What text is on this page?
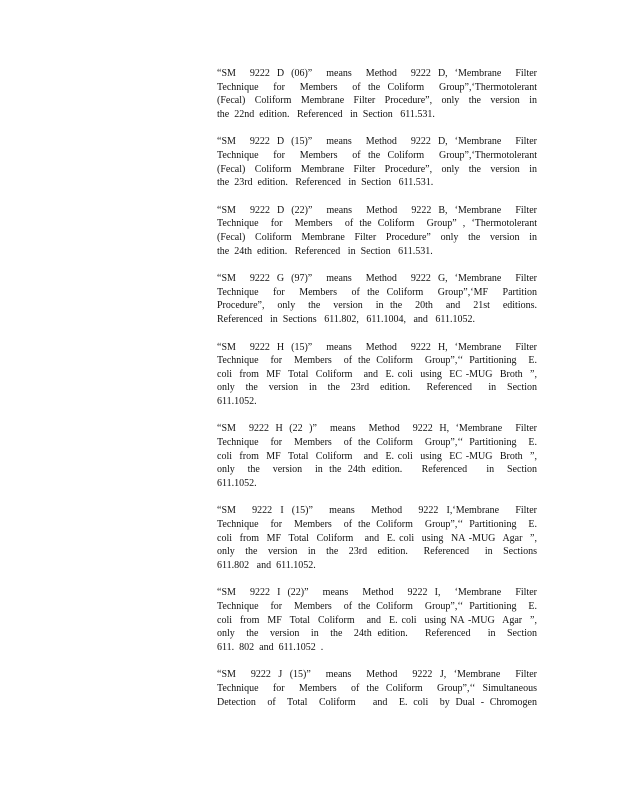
“SM  9222 D (06)”  means  Method  9222 D, ‘Membrane  Filter
Technique  for  Members  of the Coliform  Group”,‘Thermotolerant
(Fecal)  Coliform  Membrane  Filter  Procedure”,  only  the  version  in
the  22nd  edition.   Referenced   in  Section   611.531.
“SM  9222 D (15)”  means  Method  9222 D, ‘Membrane  Filter
Technique  for  Members  of the Coliform  Group”,‘Thermotolerant
(Fecal)  Coliform  Membrane  Filter  Procedure”,  only  the  version  in
the  23rd  edition.   Referenced   in  Section   611.531.
“SM  9222 D (22)”  means  Method  9222 B, ‘Membrane  Filter
Technique  for  Members  of the Coliform  Group” , ‘Thermotolerant
(Fecal)  Coliform  Membrane  Filter  Procedure”  only  the  version  in
the  24th  edition.   Referenced   in  Section   611.531.
“SM  9222 G (97)”  means  Method  9222 G, ‘Membrane  Filter
Technique  for  Members  of the Coliform  Group”,‘MF  Partition
Procedure”,  only  the  version  in the  20th  and  21st  editions.
Referenced   in  Sections   611.802,   611.1004,   and   611.1052.
“SM  9222 H (15)”  means  Method  9222 H, ‘Membrane  Filter
Technique  for  Members  of the Coliform  Group”,‘‘ Partitioning  E.
coli  from  MF  Total  Coliform   and  E. coli  using  EC -MUG  Broth  ”,
only  the  version  in  the  23rd  edition.   Referenced   in  Section
611.1052.
“SM  9222 H (22 )”  means  Method  9222 H, ‘Membrane  Filter
Technique  for  Members  of the Coliform  Group”,‘‘ Partitioning  E.
coli  from  MF  Total  Coliform   and  E. coli  using  EC -MUG  Broth  ”,
only  the  version  in the 24th edition.   Referenced   in  Section
611.1052.
“SM  9222 I (15)”  means  Method  9222 I,‘Membrane  Filter
Technique  for  Members  of the Coliform  Group”,‘‘ Partitioning  E.
coli  from  MF  Total  Coliform   and  E. coli  using  NA -MUG  Agar  ”,
only  the  version  in  the  23rd  edition.   Referenced   in  Sections
611.802   and  611.1052.
“SM  9222 I (22)”  means  Method  9222 I,  ‘Membrane  Filter
Technique  for  Members  of the Coliform  Group”,‘‘ Partitioning  E.
coli  from  MF  Total  Coliform   and  E. coli  using NA -MUG  Agar  ”,
only  the  version  in  the  24th edition.   Referenced   in  Section
611.  802  and  611.1052  .
“SM  9222 J (15)”  means  Method  9222 J, ‘Membrane  Filter
Technique  for  Members  of the Coliform  Group”,‘‘ Simultaneous
Detection  of  Total  Coliform   and  E. coli  by Dual - Chromogen
